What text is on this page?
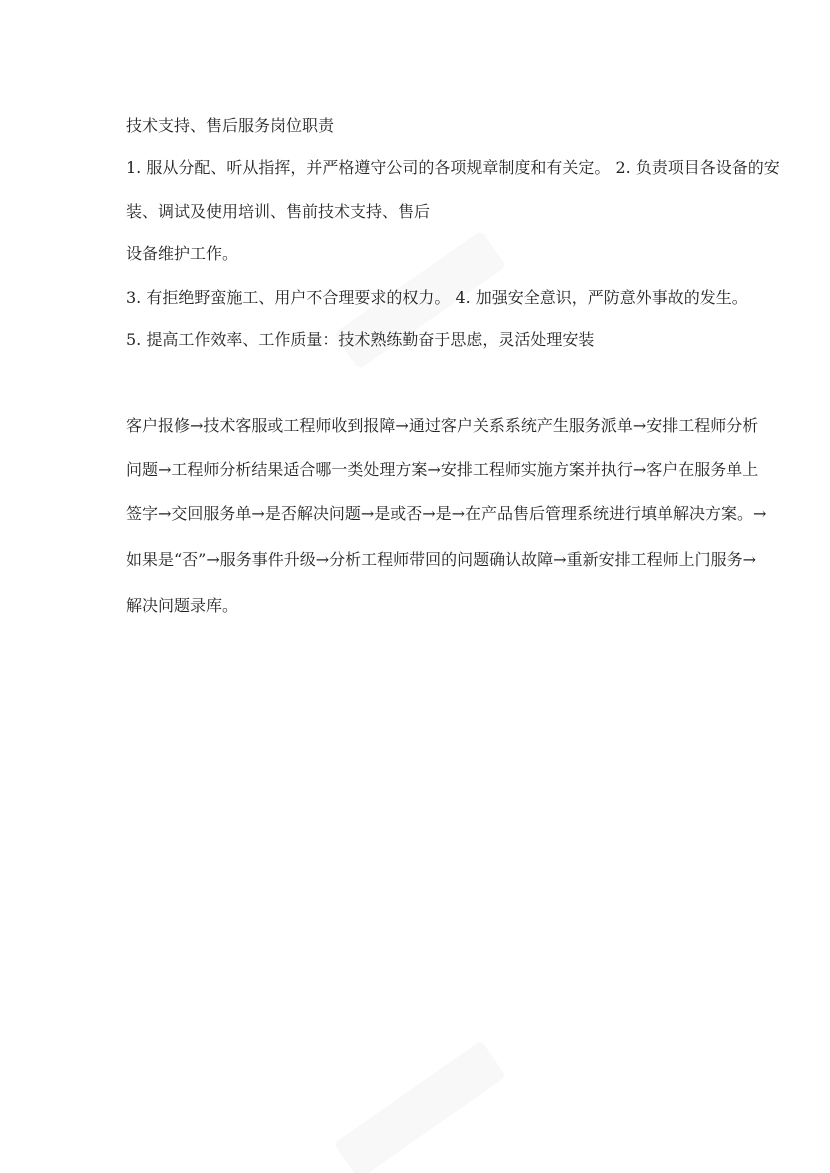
技术支持、售后服务岗位职责
1. 服从分配、听从指挥，并严格遵守公司的各项规章制度和有关定。 2. 负责项目各设备的安
装、调试及使用培训、售前技术支持、售后
设备维护工作。
3. 有拒绝野蛮施工、用户不合理要求的权力。 4. 加强安全意识，严防意外事故的发生。
5. 提高工作效率、工作质量：技术熟练勤奋于思虑，灵活处理安装
客户报修→技术客服或工程师收到报障→通过客户关系系统产生服务派单→安排工程师分析
问题→工程师分析结果适合哪一类处理方案→安排工程师实施方案并执行→客户在服务单上
签字→交回服务单→是否解决问题→是或否→是→在产品售后管理系统进行填单解决方案。→
如果是“否”→服务事件升级→分析工程师带回的问题确认故障→重新安排工程师上门服务→
解决问题录库。
